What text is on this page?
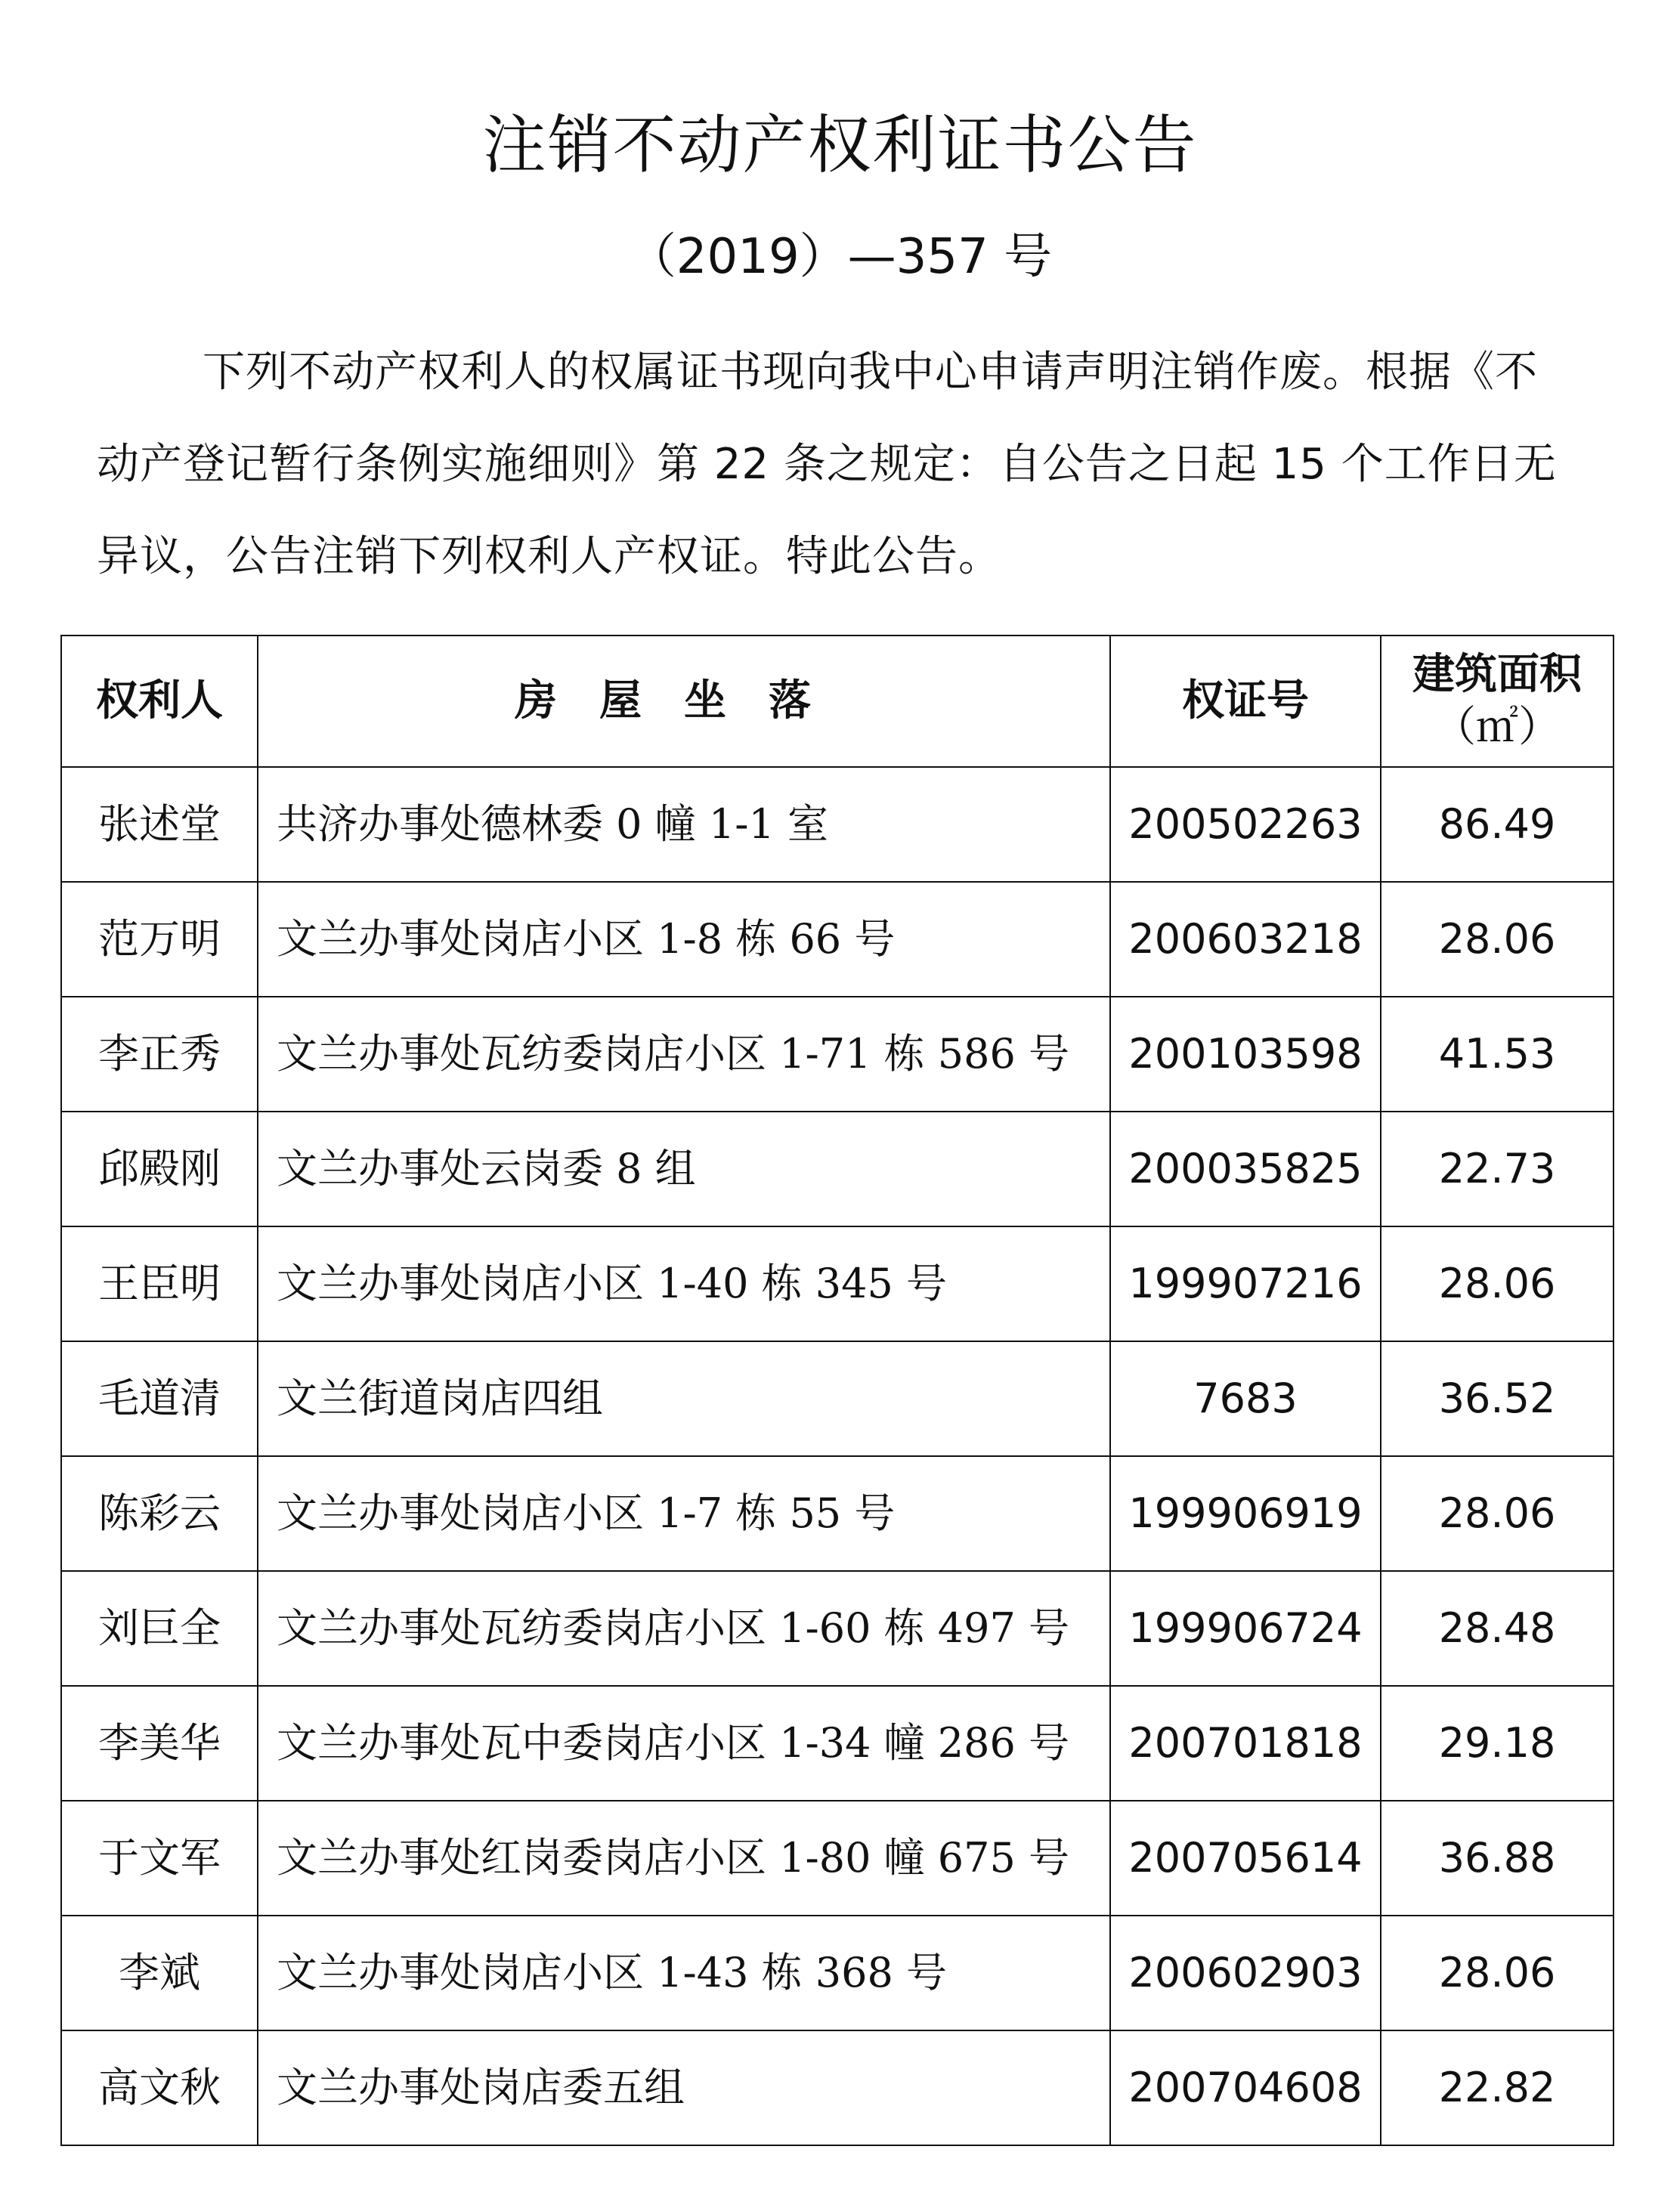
注销不动产权利证书公告
（2019）—357 号

下列不动产权利人的权属证书现向我中心申请声明注销作废。根据《不动产登记暂行条例实施细则》第 22 条之规定：自公告之日起 15 个工作日无异议，公告注销下列权利人产权证。特此公告。

权利人	房屋坐落	权证号	建筑面积
（㎡）

张述堂	共济办事处德林委 0 幢 1-1 室	200502263	86.49
范万明	文兰办事处岗店小区 1-8 栋 66 号	200603218	28.06
李正秀	文兰办事处瓦纺委岗店小区 1-71 栋 586 号	200103598	41.53
邱殿刚	文兰办事处云岗委 8 组	200035825	22.73
王臣明	文兰办事处岗店小区 1-40 栋 345 号	199907216	28.06
毛道清	文兰街道岗店四组	7683	36.52
陈彩云	文兰办事处岗店小区 1-7 栋 55 号	199906919	28.06
刘巨全	文兰办事处瓦纺委岗店小区 1-60 栋 497 号	199906724	28.48
李美华	文兰办事处瓦中委岗店小区 1-34 幢 286 号	200701818	29.18
于文军	文兰办事处红岗委岗店小区 1-80 幢 675 号	200705614	36.88
李斌	文兰办事处岗店小区 1-43 栋 368 号	200602903	28.06
高文秋	文兰办事处岗店委五组	200704608	22.82
